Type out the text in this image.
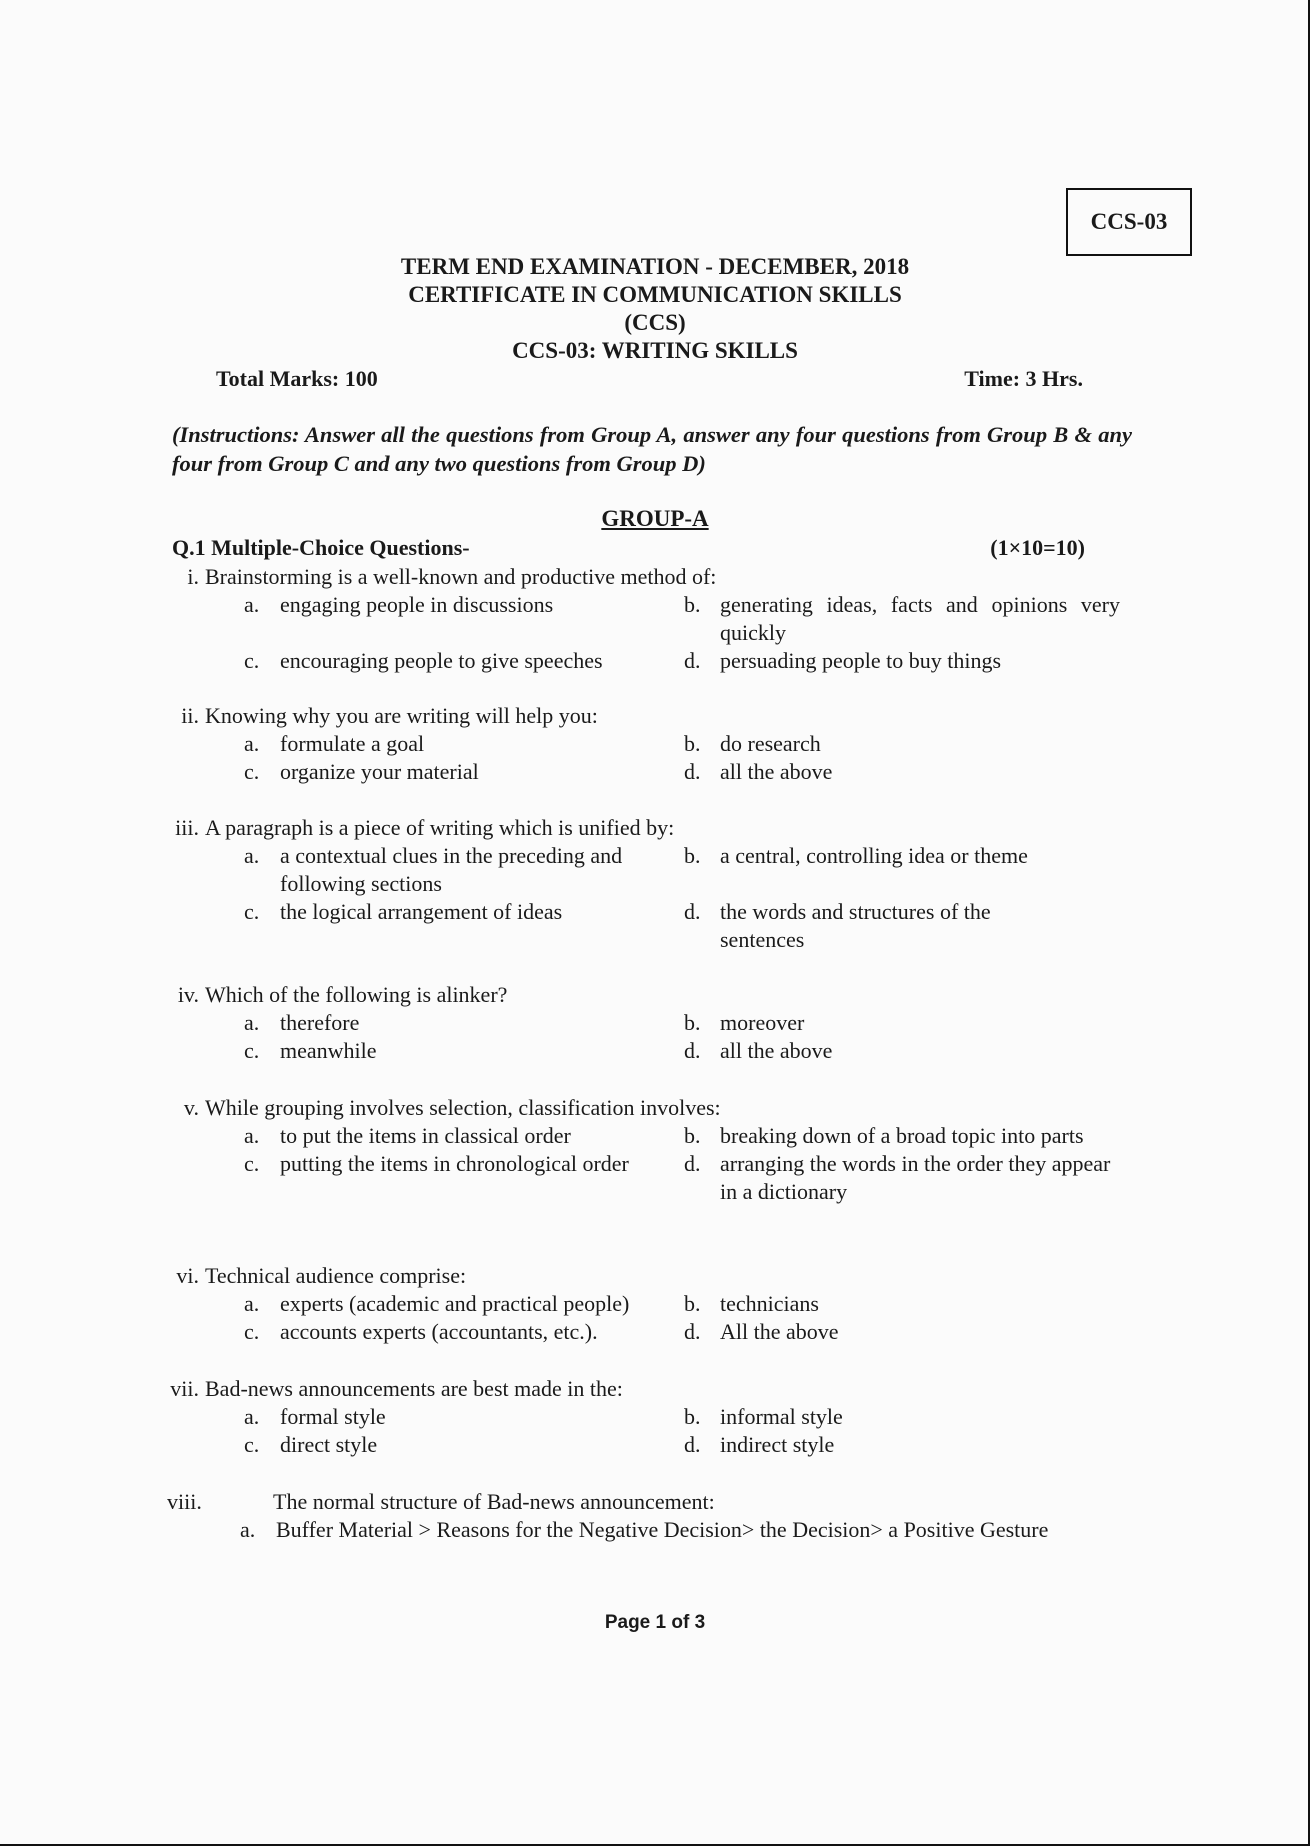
CCS-03
TERM END EXAMINATION - DECEMBER, 2018
CERTIFICATE IN COMMUNICATION SKILLS
(CCS)
CCS-03: WRITING SKILLS
Total Marks: 100	Time: 3 Hrs.
(Instructions: Answer all the questions from Group A, answer any four questions from Group B & any four from Group C and any two questions from Group D)
GROUP-A
Q.1 Multiple-Choice Questions-	(1×10=10)
i. Brainstorming is a well-known and productive method of:
a. engaging people in discussions	b. generating ideas, facts and opinions very quickly
c. encouraging people to give speeches	d. persuading people to buy things
ii. Knowing why you are writing will help you:
a. formulate a goal	b. do research
c. organize your material	d. all the above
iii. A paragraph is a piece of writing which is unified by:
a. a contextual clues in the preceding and following sections
b. a central, controlling idea or theme
c. the logical arrangement of ideas	d. the words and structures of the sentences
iv. Which of the following is alinker?
a. therefore	b. moreover
c. meanwhile	d. all the above
v. While grouping involves selection, classification involves:
a. to put the items in classical order	b. breaking down of a broad topic into parts
c. putting the items in chronological order	d. arranging the words in the order they appear in a dictionary
vi. Technical audience comprise:
a. experts (academic and practical people)	b. technicians
c. accounts experts (accountants, etc.).	d. All the above
vii. Bad-news announcements are best made in the:
a. formal style	b. informal style
c. direct style	d. indirect style
viii.	The normal structure of Bad-news announcement:
a. Buffer Material > Reasons for the Negative Decision> the Decision> a Positive Gesture
Page 1 of 3
